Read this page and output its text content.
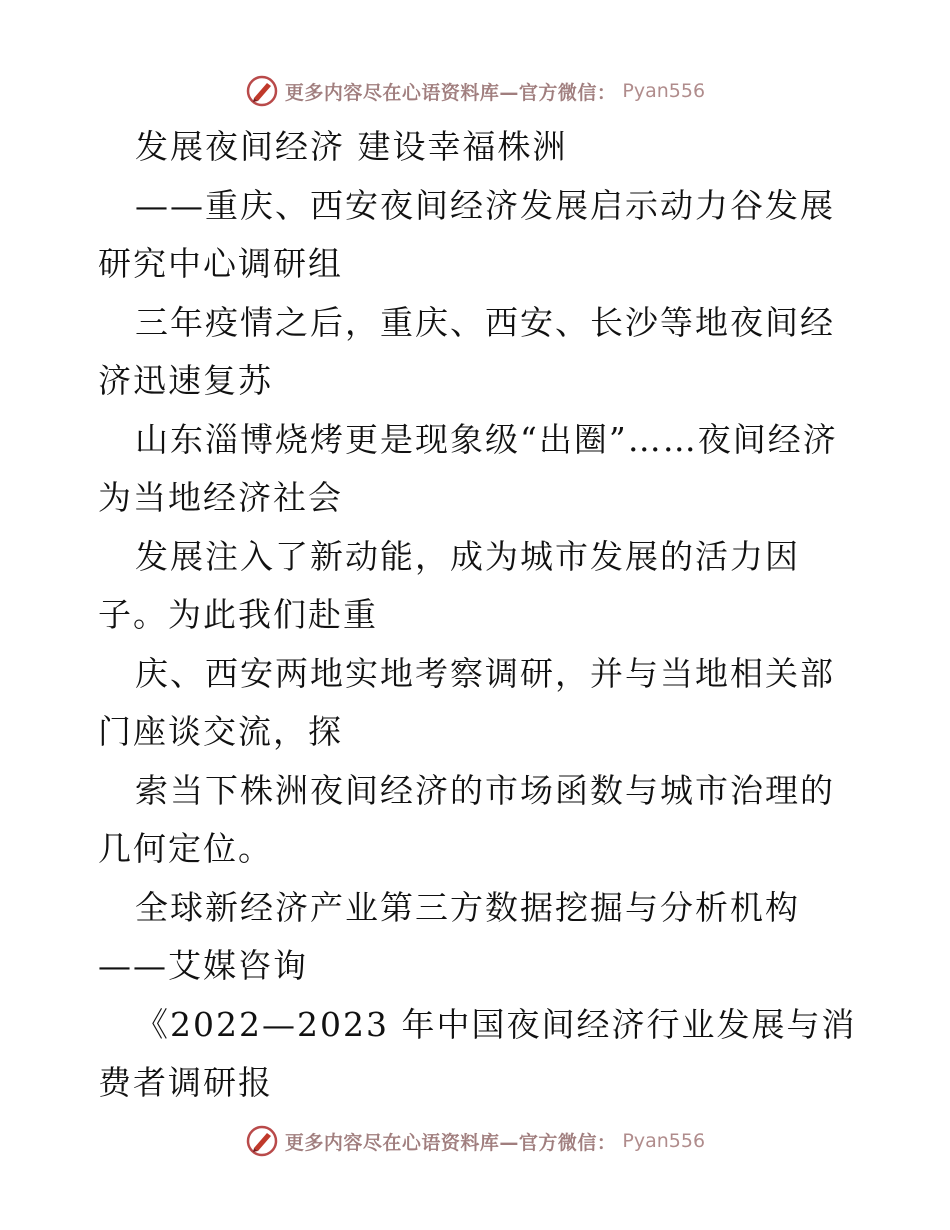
更多内容尽在心语资料库—官方微信： Pyan556

发展夜间经济 建设幸福株洲

——重庆、西安夜间经济发展启示动力谷发展研究中心调研组

三年疫情之后，重庆、西安、长沙等地夜间经济迅速复苏

山东淄博烧烤更是现象级“出圈”……夜间经济为当地经济社会

发展注入了新动能，成为城市发展的活力因子。为此我们赴重

庆、西安两地实地考察调研，并与当地相关部门座谈交流，探

索当下株洲夜间经济的市场函数与城市治理的几何定位。

全球新经济产业第三方数据挖掘与分析机构——艾媒咨询

《2022—2023 年中国夜间经济行业发展与消费者调研报

更多内容尽在心语资料库—官方微信： Pyan556
